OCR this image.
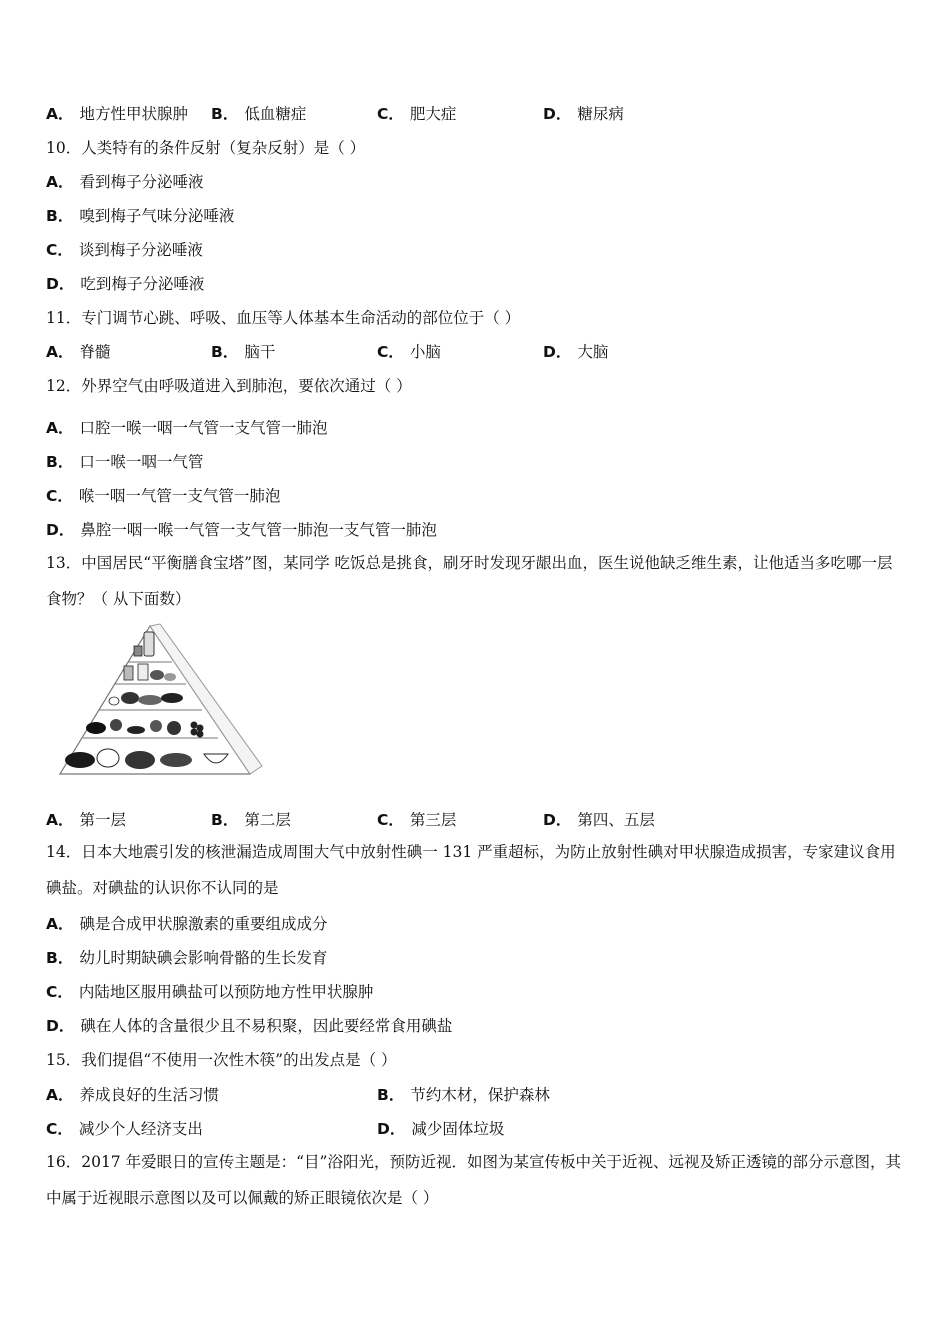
A． 地方性甲状腺肿 B． 低血糖症	C． 肥大症	D． 糖尿病
10．人类特有的条件反射（复杂反射）是（ ）
A． 看到梅子分泌唾液
B． 嗅到梅子气味分泌唾液
C． 谈到梅子分泌唾液
D． 吃到梅子分泌唾液
11．专门调节心跳、呼吸、血压等人体基本生命活动的部位位于（ ）
A． 脊髓	B． 脑干	C． 小脑	D． 大脑
12．外界空气由呼吸道进入到肺泡，要依次通过（ ）
A． 口腔一喉一咽一气管一支气管一肺泡
B． 口一喉一咽一气管
C． 喉一咽一气管一支气管一肺泡
D． 鼻腔一咽一喉一气管一支气管一肺泡一支气管一肺泡
13．中国居民“平衡膳食宝塔”图，某同学 吃饭总是挑食，刷牙时发现牙龈出血，医生说他缺乏维生素，让他适当多吃哪一层食物？（ 从下面数）
A． 第一层	B． 第二层	C． 第三层	D． 第四、五层
14．日本大地震引发的核泄漏造成周围大气中放射性碘一 131 严重超标，为防止放射性碘对甲状腺造成损害，专家建议食用碘盐。对碘盐的认识你不认同的是
A． 碘是合成甲状腺激素的重要组成成分
B． 幼儿时期缺碘会影响骨骼的生长发育
C． 内陆地区服用碘盐可以预防地方性甲状腺肿
D． 碘在人体的含量很少且不易积聚，因此要经常食用碘盐
15．我们提倡“不使用一次性木筷”的出发点是（ ）
A． 养成良好的生活习惯	B． 节约木材，保护森林
C． 减少个人经济支出	D． 减少固体垃圾
16．2017 年爱眼日的宣传主题是：“目”浴阳光，预防近视．如图为某宣传板中关于近视、远视及矫正透镜的部分示意图，其中属于近视眼示意图以及可以佩戴的矫正眼镜依次是（ ）
